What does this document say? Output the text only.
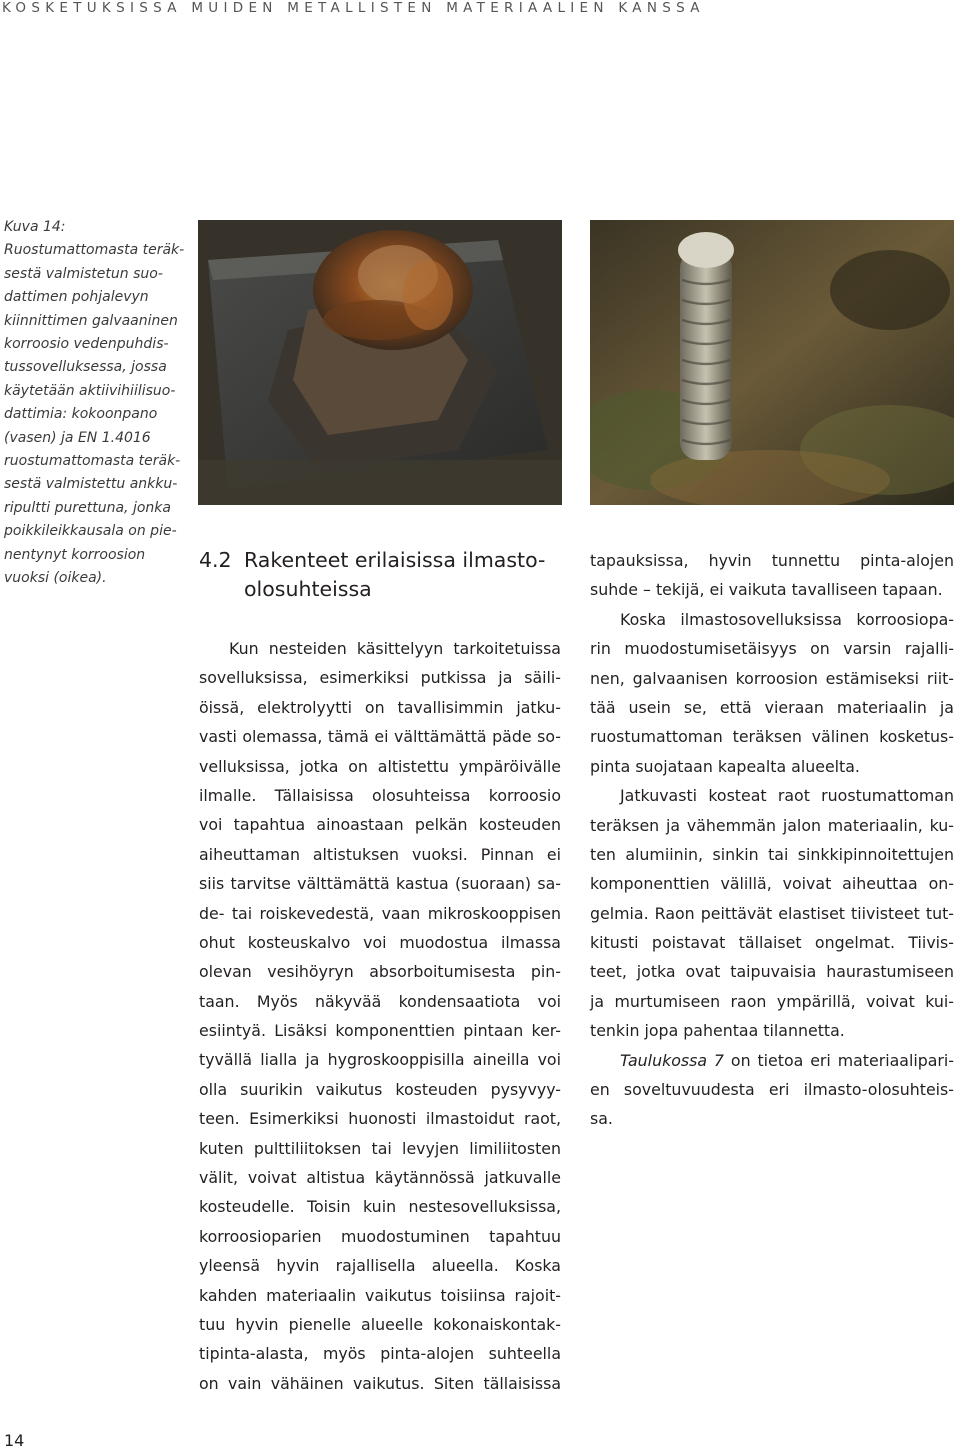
KOSKETUKSISSA MUIDEN METALLISTEN MATERIAALIEN KANSSA
Kuva 14:
Ruostumattomasta teräk-
sestä valmistetun suo-
dattimen pohjalevyn
kiinnittimen galvaaninen
korroosio vedenpuhdis-
tussovelluksessa, jossa
käytetään aktiivihiilisuo-
dattimia: kokoonpano
(vasen) ja EN 1.4016
ruostumattomasta teräk-
sestä valmistettu ankku-
ripultti purettuna, jonka
poikkileikkausala on pie-
nentynyt korroosion
vuoksi (oikea).
4.2 Rakenteet erilaisissa ilmasto-
olosuhteissa
Kun nesteiden käsittelyyn tarkoitetuissa
sovelluksissa, esimerkiksi putkissa ja säili-
öissä, elektrolyytti on tavallisimmin jatku-
vasti olemassa, tämä ei välttämättä päde so-
velluksissa, jotka on altistettu ympäröivälle
ilmalle. Tällaisissa olosuhteissa korroosio
voi tapahtua ainoastaan pelkän kosteuden
aiheuttaman altistuksen vuoksi. Pinnan ei
siis tarvitse välttämättä kastua (suoraan) sa-
de- tai roiskevedestä, vaan mikroskooppisen
ohut kosteuskalvo voi muodostua ilmassa
olevan vesihöyryn absorboitumisesta pin-
taan. Myös näkyvää kondensaatiota voi
esiintyä. Lisäksi komponenttien pintaan ker-
tyvällä lialla ja hygroskooppisilla aineilla voi
olla suurikin vaikutus kosteuden pysyvyy-
teen. Esimerkiksi huonosti ilmastoidut raot,
kuten pulttiliitoksen tai levyjen limiliitosten
välit, voivat altistua käytännössä jatkuvalle
kosteudelle. Toisin kuin nestesovelluksissa,
korroosioparien muodostuminen tapahtuu
yleensä hyvin rajallisella alueella. Koska
kahden materiaalin vaikutus toisiinsa rajoit-
tuu hyvin pienelle alueelle kokonaiskontak-
tipinta-alasta, myös pinta-alojen suhteella
on vain vähäinen vaikutus. Siten tällaisissa
tapauksissa, hyvin tunnettu pinta-alojen
suhde – tekijä, ei vaikuta tavalliseen tapaan.
Koska ilmastosovelluksissa korroosiopa-
rin muodostumisetäisyys on varsin rajalli-
nen, galvaanisen korroosion estämiseksi riit-
tää usein se, että vieraan materiaalin ja
ruostumattoman teräksen välinen kosketus-
pinta suojataan kapealta alueelta.
Jatkuvasti kosteat raot ruostumattoman
teräksen ja vähemmän jalon materiaalin, ku-
ten alumiinin, sinkin tai sinkkipinnoitettujen
komponenttien välillä, voivat aiheuttaa on-
gelmia. Raon peittävät elastiset tiivisteet tut-
kitusti poistavat tällaiset ongelmat. Tiivis-
teet, jotka ovat taipuvaisia haurastumiseen
ja murtumiseen raon ympärillä, voivat kui-
tenkin jopa pahentaa tilannetta.
Taulukossa 7 on tietoa eri materiaalipari-
en soveltuvuudesta eri ilmasto-olosuhteis-
sa.
14
